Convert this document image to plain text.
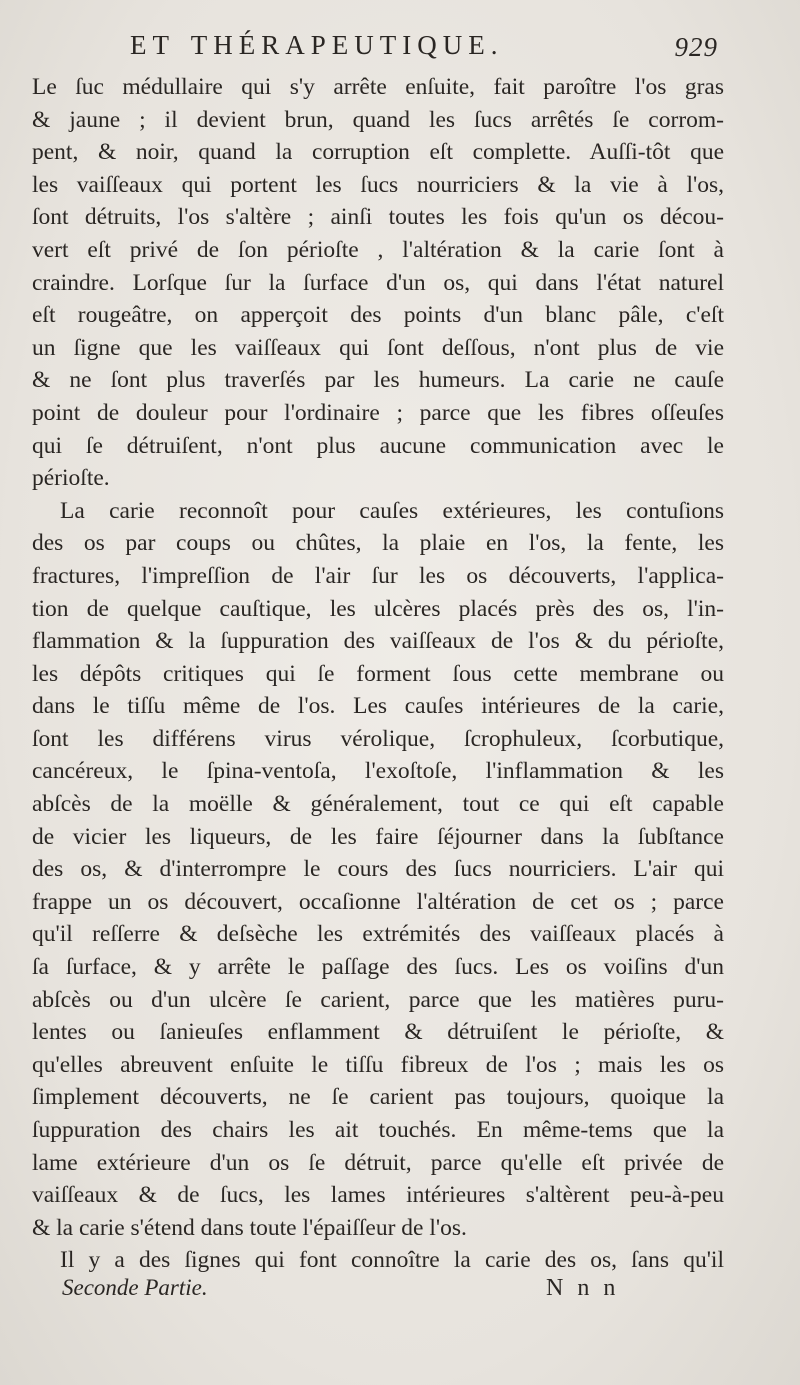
ET THÉRAPEUTIQUE.	929
Le ſuc médullaire qui s'y arrête enſuite, fait paroître l'os gras
& jaune ; il devient brun, quand les ſucs arrêtés ſe corrom-
pent, & noir, quand la corruption eſt complette. Auſſi-tôt que
les vaiſſeaux qui portent les ſucs nourriciers & la vie à l'os,
ſont détruits, l'os s'altère ; ainſi toutes les fois qu'un os décou-
vert eſt privé de ſon périoſte , l'altération & la carie ſont à
craindre. Lorſque ſur la ſurface d'un os, qui dans l'état naturel
eſt rougeâtre, on apperçoit des points d'un blanc pâle, c'eſt
un ſigne que les vaiſſeaux qui ſont deſſous, n'ont plus de vie
& ne ſont plus traverſés par les humeurs. La carie ne cauſe
point de douleur pour l'ordinaire ; parce que les fibres oſſeuſes
qui ſe détruiſent, n'ont plus aucune communication avec le
périoſte.
La carie reconnoît pour cauſes extérieures, les contuſions
des os par coups ou chûtes, la plaie en l'os, la fente, les
fractures, l'impreſſion de l'air ſur les os découverts, l'applica-
tion de quelque cauſtique, les ulcères placés près des os, l'in-
flammation & la ſuppuration des vaiſſeaux de l'os & du périoſte,
les dépôts critiques qui ſe forment ſous cette membrane ou
dans le tiſſu même de l'os. Les cauſes intérieures de la carie,
ſont les différens virus vérolique, ſcrophuleux, ſcorbutique,
cancéreux, le ſpina-ventoſa, l'exoſtoſe, l'inflammation & les
abſcès de la moëlle & généralement, tout ce qui eſt capable
de vicier les liqueurs, de les faire ſéjourner dans la ſubſtance
des os, & d'interrompre le cours des ſucs nourriciers. L'air qui
frappe un os découvert, occaſionne l'altération de cet os ; parce
qu'il reſſerre & deſsèche les extrémités des vaiſſeaux placés à
ſa ſurface, & y arrête le paſſage des ſucs. Les os voiſins d'un
abſcès ou d'un ulcère ſe carient, parce que les matières puru-
lentes ou ſanieuſes enflamment & détruiſent le périoſte, &
qu'elles abreuvent enſuite le tiſſu fibreux de l'os ; mais les os
ſimplement découverts, ne ſe carient pas toujours, quoique la
ſuppuration des chairs les ait touchés. En même-tems que la
lame extérieure d'un os ſe détruit, parce qu'elle eſt privée de
vaiſſeaux & de ſucs, les lames intérieures s'altèrent peu-à-peu
& la carie s'étend dans toute l'épaiſſeur de l'os.
Il y a des ſignes qui font connoître la carie des os, ſans qu'il
Seconde Partie.	N n n
